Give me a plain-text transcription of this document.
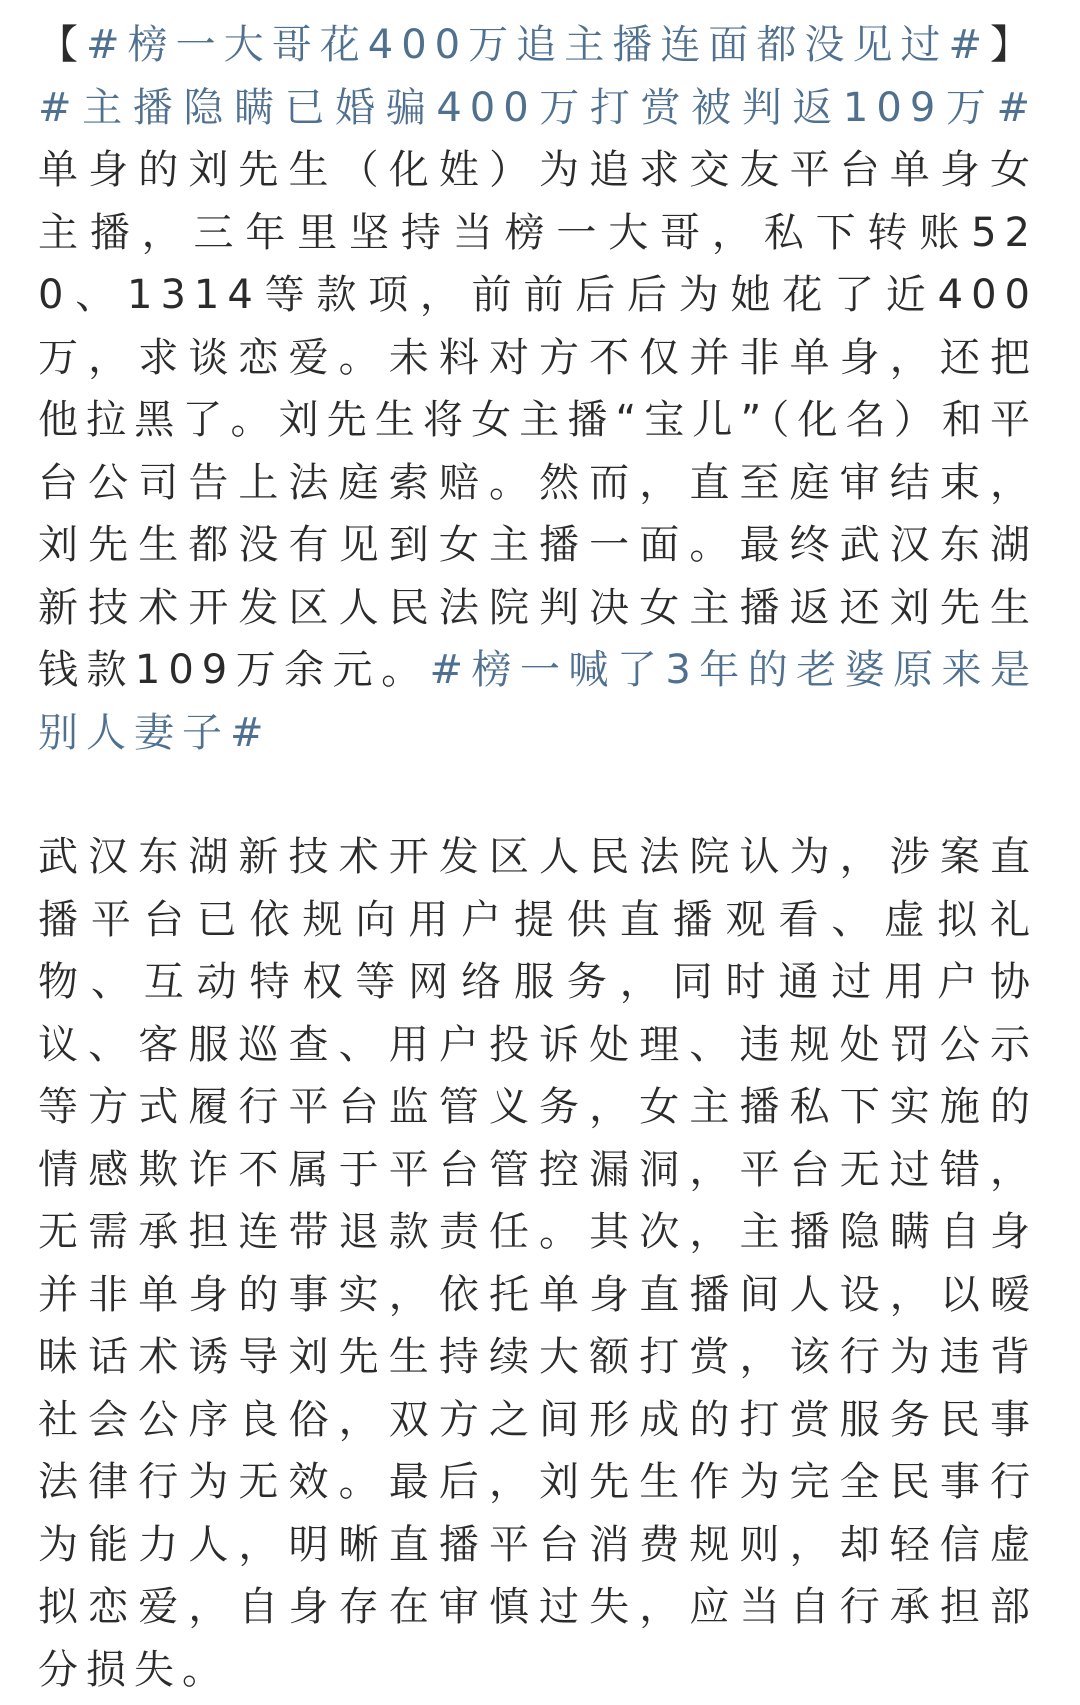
【#榜一大哥花400万追主播连面都没见过#】#主播隐瞒已婚骗400万打赏被判返109万#单身的刘先生（化姓）为追求交友平台单身女主播，三年里坚持当榜一大哥，私下转账520、1314等款项，前前后后为她花了近400万，求谈恋爱。未料对方不仅并非单身，还把他拉黑了。刘先生将女主播“宝儿”（化名）和平台公司告上法庭索赔。然而，直至庭审结束，刘先生都没有见到女主播一面。最终武汉东湖新技术开发区人民法院判决女主播返还刘先生钱款109万余元。#榜一喊了3年的老婆原来是别人妻子#

武汉东湖新技术开发区人民法院认为，涉案直播平台已依规向用户提供直播观看、虚拟礼物、互动特权等网络服务，同时通过用户协议、客服巡查、用户投诉处理、违规处罚公示等方式履行平台监管义务，女主播私下实施的情感欺诈不属于平台管控漏洞，平台无过错，无需承担连带退款责任。其次，主播隐瞒自身并非单身的事实，依托单身直播间人设，以暧昧话术诱导刘先生持续大额打赏，该行为违背社会公序良俗，双方之间形成的打赏服务民事法律行为无效。最后，刘先生作为完全民事行为能力人，明晰直播平台消费规则，却轻信虚拟恋爱，自身存在审慎过失，应当自行承担部分损失。
